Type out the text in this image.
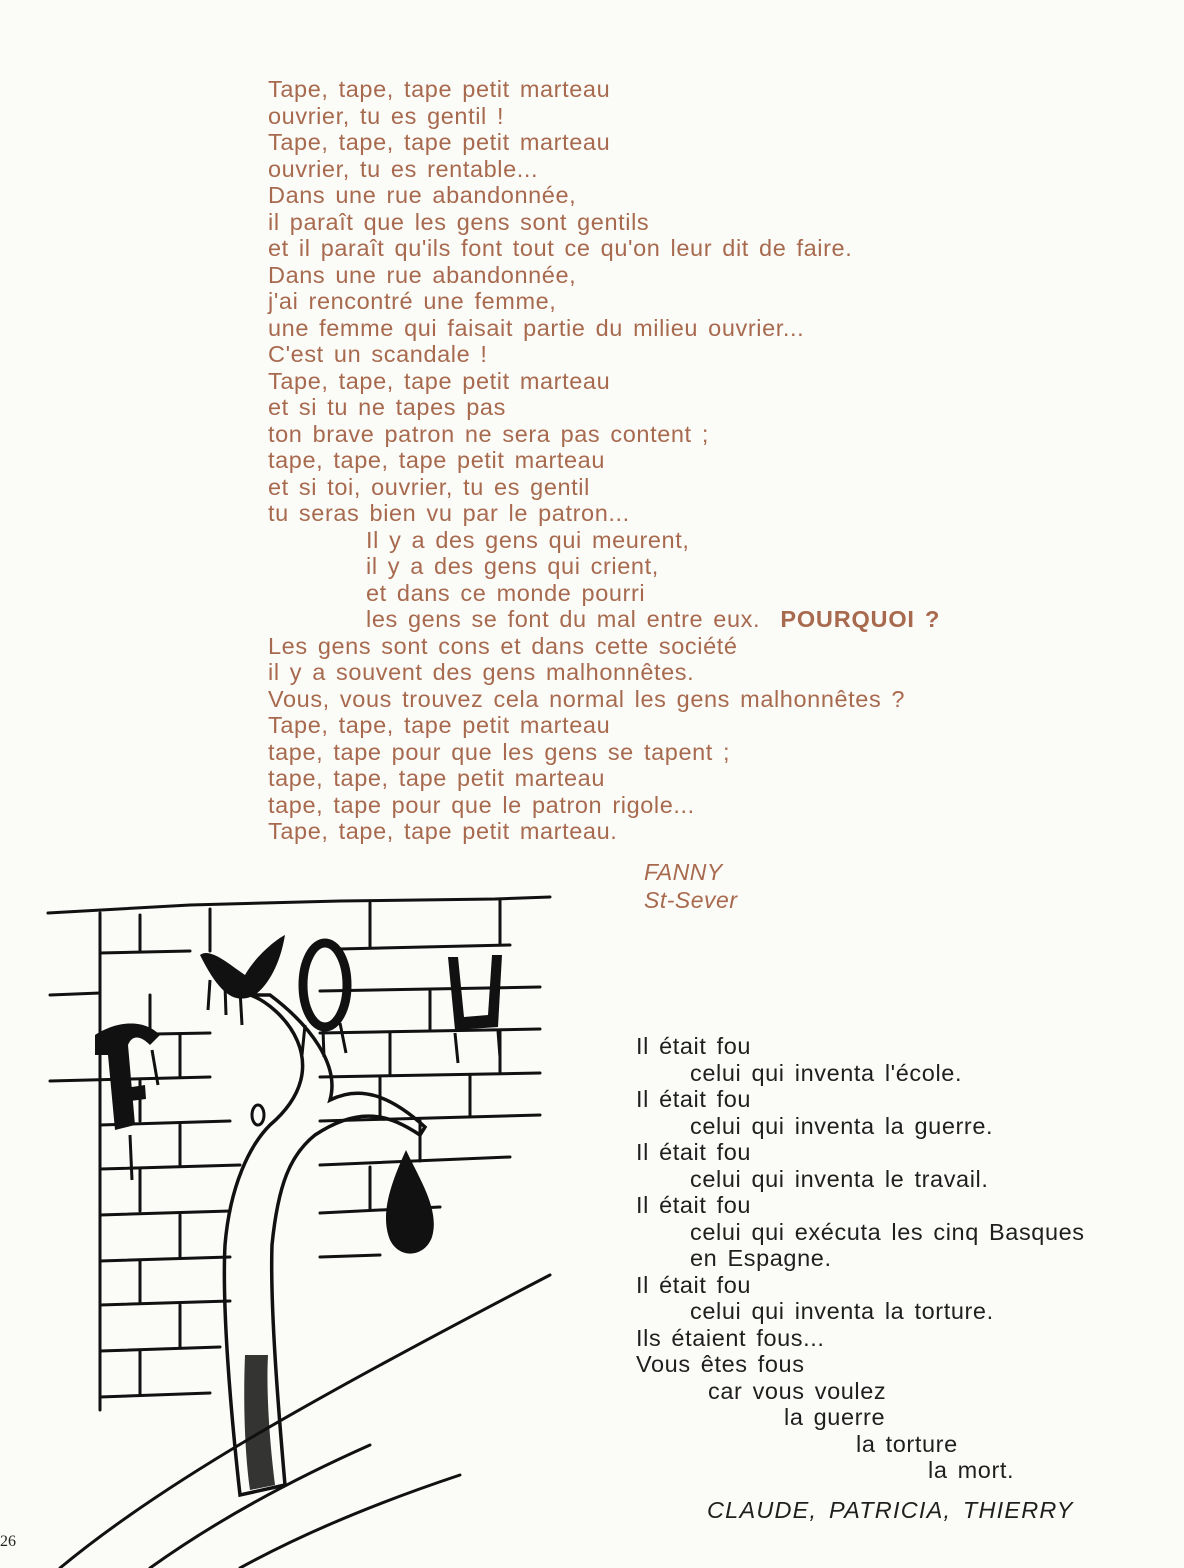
Tape, tape, tape petit marteau
ouvrier, tu es gentil !
Tape, tape, tape petit marteau
ouvrier, tu es rentable...
Dans une rue abandonnée,
il paraît que les gens sont gentils
et il paraît qu'ils font tout ce qu'on leur dit de faire.
Dans une rue abandonnée,
j'ai rencontré une femme,
une femme qui faisait partie du milieu ouvrier...
C'est un scandale !
Tape, tape, tape petit marteau
et si tu ne tapes pas
ton brave patron ne sera pas content ;
tape, tape, tape petit marteau
et si toi, ouvrier, tu es gentil
tu seras bien vu par le patron...
Il y a des gens qui meurent,
il y a des gens qui crient,
et dans ce monde pourri
les gens se font du mal entre eux. POURQUOI ?
Les gens sont cons et dans cette société
il y a souvent des gens malhonnêtes.
Vous, vous trouvez cela normal les gens malhonnêtes ?
Tape, tape, tape petit marteau
tape, tape pour que les gens se tapent ;
tape, tape, tape petit marteau
tape, tape pour que le patron rigole...
Tape, tape, tape petit marteau.
FANNY
St-Sever
Il était fou
celui qui inventa l'école.
Il était fou
celui qui inventa la guerre.
Il était fou
celui qui inventa le travail.
Il était fou
celui qui exécuta les cinq Basques
en Espagne.
Il était fou
celui qui inventa la torture.
Ils étaient fous...
Vous êtes fous
car vous voulez
la guerre
la torture
la mort.
CLAUDE, PATRICIA, THIERRY
26
